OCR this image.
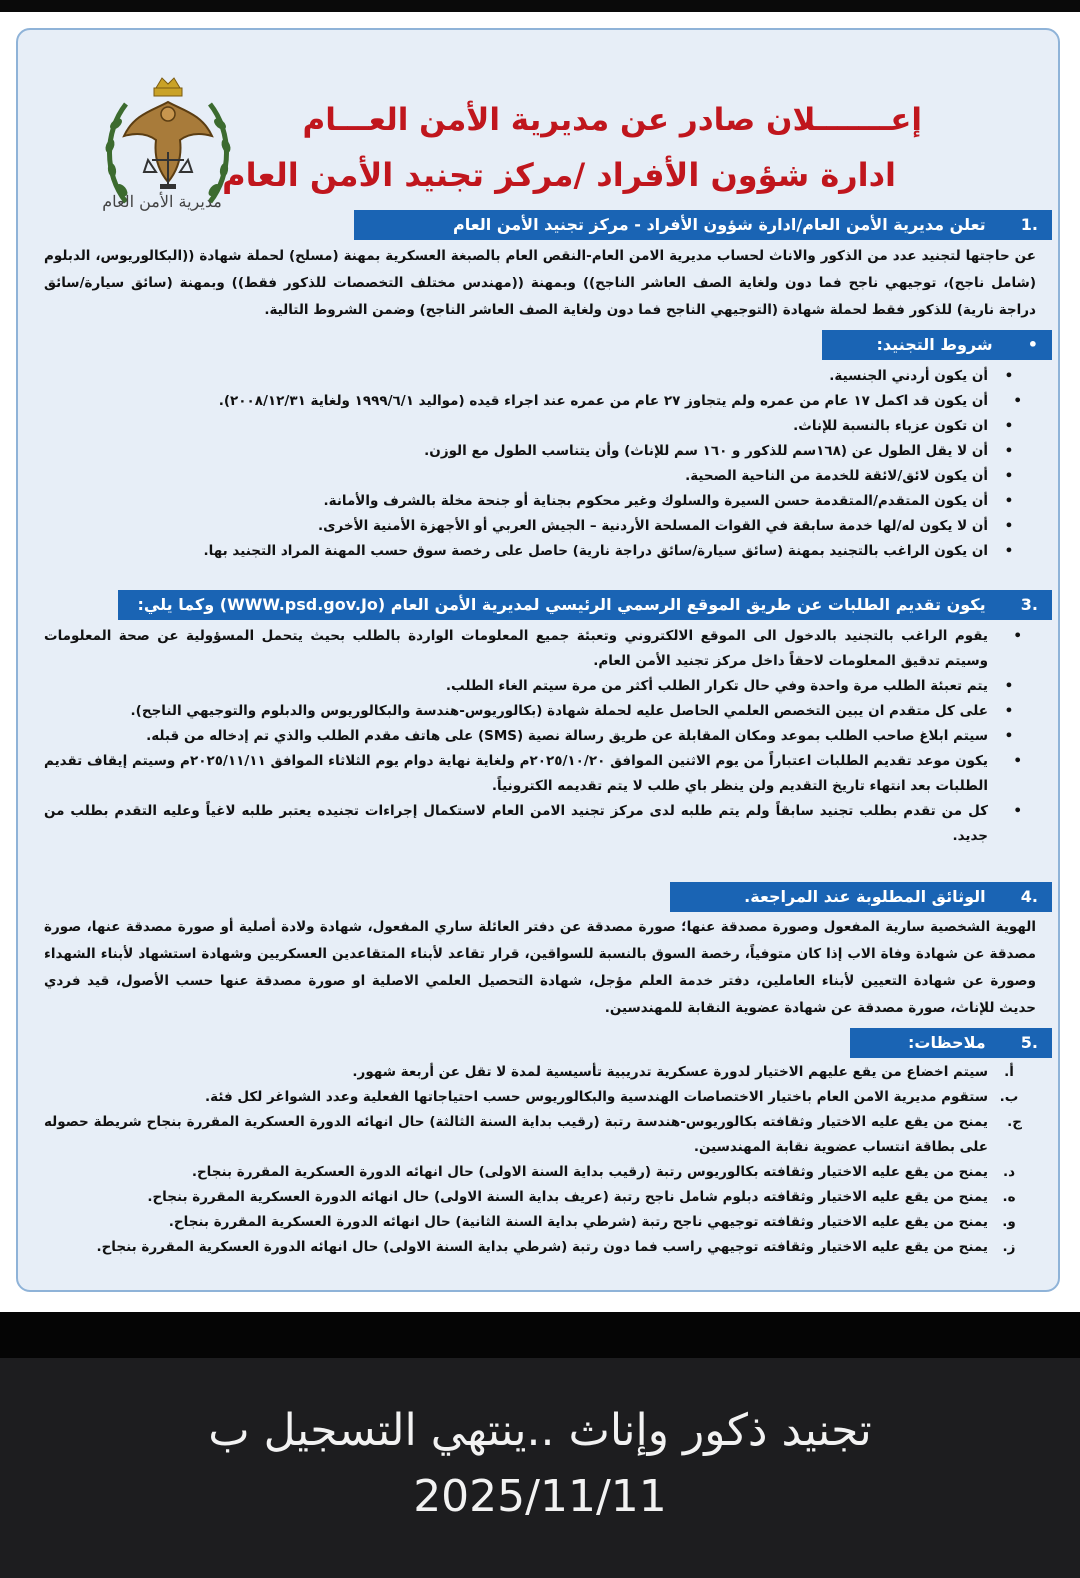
مديرية الأمن العام
إعـــــــلان صادر عن مديرية الأمن العـــام
ادارة شؤون الأفراد /مركز تجنيد الأمن العام
.1  تعلن مديرية الأمن العام/ادارة شؤون الأفراد - مركز تجنيد الأمن العام
عن حاجتها لتجنيد عدد من الذكور والاناث لحساب مديرية الامن العام-النقص العام بالصبغة العسكرية بمهنة (مسلح) لحملة شهادة ((البكالوريوس، الدبلوم (شامل ناجح)، توجيهي ناجح فما دون ولغاية الصف العاشر الناجح)) وبمهنة ((مهندس مختلف التخصصات للذكور فقط)) وبمهنة (سائق سيارة/سائق دراجة نارية) للذكور فقط لحملة شهادة (التوجيهي الناجح فما دون ولغاية الصف العاشر الناجح) وضمن الشروط التالية.
•  شروط التجنيد:
•
أن يكون أردني الجنسية.
•
أن يكون قد اكمل ١٧ عام من عمره ولم يتجاوز ٢٧ عام من عمره عند اجراء قيده (مواليد ١٩٩٩/٦/١ ولغاية ٢٠٠٨/١٢/٣١).
•
ان تكون عزباء بالنسبة للإناث.
•
أن لا يقل الطول عن (١٦٨سم للذكور و ١٦٠ سم للإناث) وأن يتناسب الطول مع الوزن.
•
أن يكون لائق/لائقة للخدمة من الناحية الصحية.
•
أن يكون المتقدم/المتقدمة حسن السيرة والسلوك وغير محكوم بجناية أو جنحة مخلة بالشرف والأمانة.
•
أن لا يكون له/لها خدمة سابقة في القوات المسلحة الأردنية – الجيش العربي أو الأجهزة الأمنية الأخرى.
•
ان يكون الراغب بالتجنيد بمهنة (سائق سيارة/سائق دراجة نارية) حاصل على رخصة سوق حسب المهنة المراد التجنيد بها.
.3  يكون تقديم الطلبات عن طريق الموقع الرسمي الرئيسي لمديرية الأمن العام (WWW.psd.gov.Jo) وكما يلي:
•
يقوم الراغب بالتجنيد بالدخول الى الموقع الالكتروني وتعبئة جميع المعلومات الواردة بالطلب بحيث يتحمل المسؤولية عن صحة المعلومات وسيتم تدقيق المعلومات لاحقاً داخل مركز تجنيد الأمن العام.
•
يتم تعبئة الطلب مرة واحدة وفي حال تكرار الطلب أكثر من مرة سيتم الغاء الطلب.
•
على كل متقدم ان يبين التخصص العلمي الحاصل عليه لحملة شهادة (بكالوريوس-هندسة والبكالوريوس والدبلوم والتوجيهي الناجح).
•
سيتم ابلاغ صاحب الطلب بموعد ومكان المقابلة عن طريق رسالة نصية (SMS) على هاتف مقدم الطلب والذي تم إدخاله من قبله.
•
يكون موعد تقديم الطلبات اعتباراً من يوم الاثنين الموافق ٢٠٢٥/١٠/٢٠م ولغاية نهاية دوام يوم الثلاثاء الموافق ٢٠٢٥/١١/١١م وسيتم إيقاف تقديم الطلبات بعد انتهاء تاريخ التقديم ولن ينظر باي طلب لا يتم تقديمه الكترونياً.
•
كل من تقدم بطلب تجنيد سابقاً ولم يتم طلبه لدى مركز تجنيد الامن العام لاستكمال إجراءات تجنيده يعتبر طلبه لاغياً وعليه التقدم بطلب من جديد.
.4  الوثائق المطلوبة عند المراجعة.
الهوية الشخصية سارية المفعول وصورة مصدقة عنها؛ صورة مصدقة عن دفتر العائلة ساري المفعول، شهادة ولادة أصلية أو صورة مصدقة عنها، صورة مصدقة عن شهادة وفاة الاب إذا كان متوفياً، رخصة السوق بالنسبة للسواقين، قرار تقاعد لأبناء المتقاعدين العسكريين وشهادة استشهاد لأبناء الشهداء وصورة عن شهادة التعيين لأبناء العاملين، دفتر خدمة العلم مؤجل، شهادة التحصيل العلمي الاصلية او صورة مصدقة عنها حسب الأصول، قيد فردي حديث للإناث، صورة مصدقة عن شهادة عضوية النقابة للمهندسين.
.5  ملاحظات:
أ.
سيتم اخضاع من يقع عليهم الاختيار لدورة عسكرية تدريبية تأسيسية لمدة لا تقل عن أربعة شهور.
ب.
ستقوم مديرية الامن العام باختيار الاختصاصات الهندسية والبكالوريوس حسب احتياجاتها الفعلية وعدد الشواغر لكل فئة.
ج.
يمنح من يقع عليه الاختيار وثقافته بكالوريوس-هندسة رتبة (رقيب بداية السنة الثالثة) حال انهائه الدورة العسكرية المقررة بنجاح شريطة حصوله على بطاقة انتساب عضوية نقابة المهندسين.
د.
يمنح من يقع عليه الاختيار وثقافته بكالوريوس رتبة (رقيب بداية السنة الاولى) حال انهائه الدورة العسكرية المقررة بنجاح.
ه.
يمنح من يقع عليه الاختيار وثقافته دبلوم شامل ناجح رتبة (عريف بداية السنة الاولى) حال انهائه الدورة العسكرية المقررة بنجاح.
و.
يمنح من يقع عليه الاختيار وثقافته توجيهي ناجح رتبة (شرطي بداية السنة الثانية) حال انهائه الدورة العسكرية المقررة بنجاح.
ز.
يمنح من يقع عليه الاختيار وثقافته توجيهي راسب فما دون رتبة (شرطي بداية السنة الاولى) حال انهائه الدورة العسكرية المقررة بنجاح.
تجنيد ذكور وإناث ..ينتهي التسجيل ب
2025/11/11
